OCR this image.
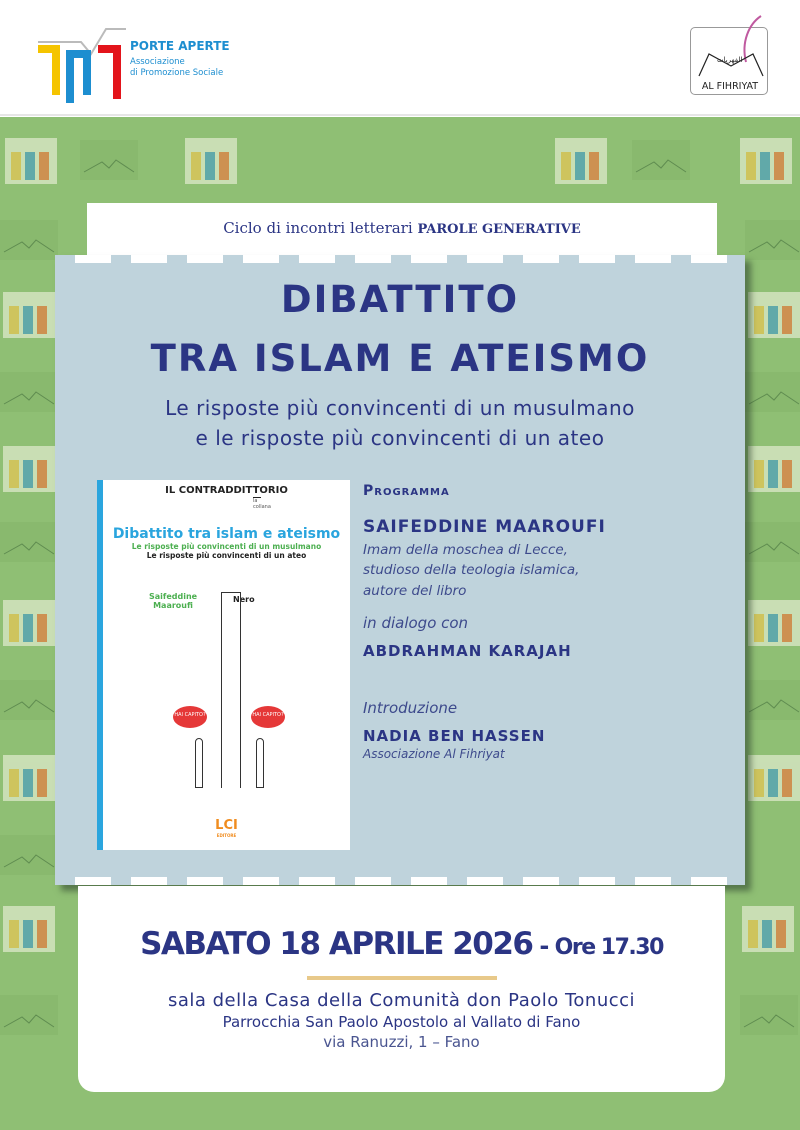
PORTE APERTE
Associazione
di Promozione Sociale
الفهريات
AL FIHRIYAT
Ciclo di incontri letterari PAROLE GENERATIVE
DIBATTITO
TRA ISLAM E ATEISMO
Le risposte più convincenti di un musulmano
e le risposte più convincenti di un ateo
IL CONTRADDITTORIO
la collana
Dibattito tra islam e ateismo
Le risposte più convincenti di un musulmano
Le risposte più convincenti di un ateo
Saifeddine Maaroufi
Nero
HAI CAPITO?	HAI CAPITO?
LCI
EDITORE
Programma
SAIFEDDINE MAAROUFI
Imam della moschea di Lecce,
studioso della teologia islamica,
autore del libro
in dialogo con
ABDRAHMAN KARAJAH
Introduzione
NADIA BEN HASSEN
Associazione Al Fihriyat
SABATO 18 APRILE 2026 - Ore 17.30
sala della Casa della Comunità don Paolo Tonucci
Parrocchia San Paolo Apostolo al Vallato di Fano
via Ranuzzi, 1 – Fano
